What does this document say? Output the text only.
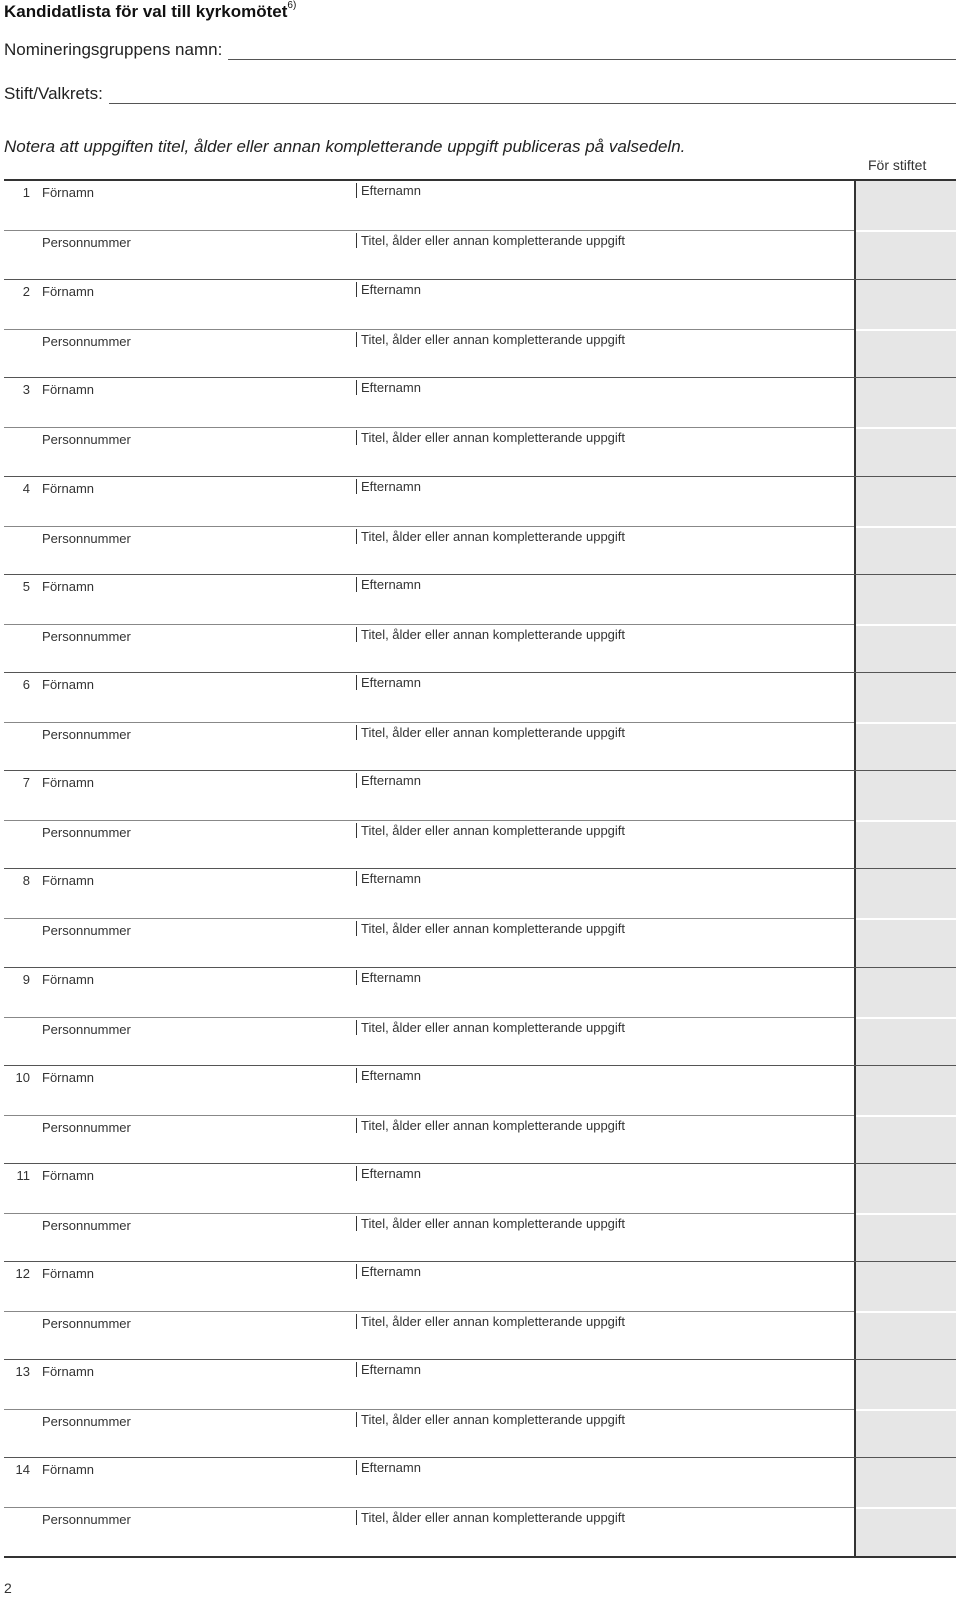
Kandidatlista för val till kyrkomötet$^{6)}$
Nomineringsgruppens namn:
Stift/Valkrets:
Notera att uppgiften titel, ålder eller annan kompletterande uppgift publiceras på valsedeln.
För stiftet
1 Förnamn	Efternamn
Personnummer	Titel, ålder eller annan kompletterande uppgift
2 Förnamn	Efternamn
Personnummer	Titel, ålder eller annan kompletterande uppgift
3 Förnamn	Efternamn
Personnummer	Titel, ålder eller annan kompletterande uppgift
4 Förnamn	Efternamn
Personnummer	Titel, ålder eller annan kompletterande uppgift
5 Förnamn	Efternamn
Personnummer	Titel, ålder eller annan kompletterande uppgift
6 Förnamn	Efternamn
Personnummer	Titel, ålder eller annan kompletterande uppgift
7 Förnamn	Efternamn
Personnummer	Titel, ålder eller annan kompletterande uppgift
8 Förnamn	Efternamn
Personnummer	Titel, ålder eller annan kompletterande uppgift
9 Förnamn	Efternamn
Personnummer	Titel, ålder eller annan kompletterande uppgift
10 Förnamn	Efternamn
Personnummer	Titel, ålder eller annan kompletterande uppgift
11 Förnamn	Efternamn
Personnummer	Titel, ålder eller annan kompletterande uppgift
12 Förnamn	Efternamn
Personnummer	Titel, ålder eller annan kompletterande uppgift
13 Förnamn	Efternamn
Personnummer	Titel, ålder eller annan kompletterande uppgift
14 Förnamn	Efternamn
Personnummer	Titel, ålder eller annan kompletterande uppgift
2
